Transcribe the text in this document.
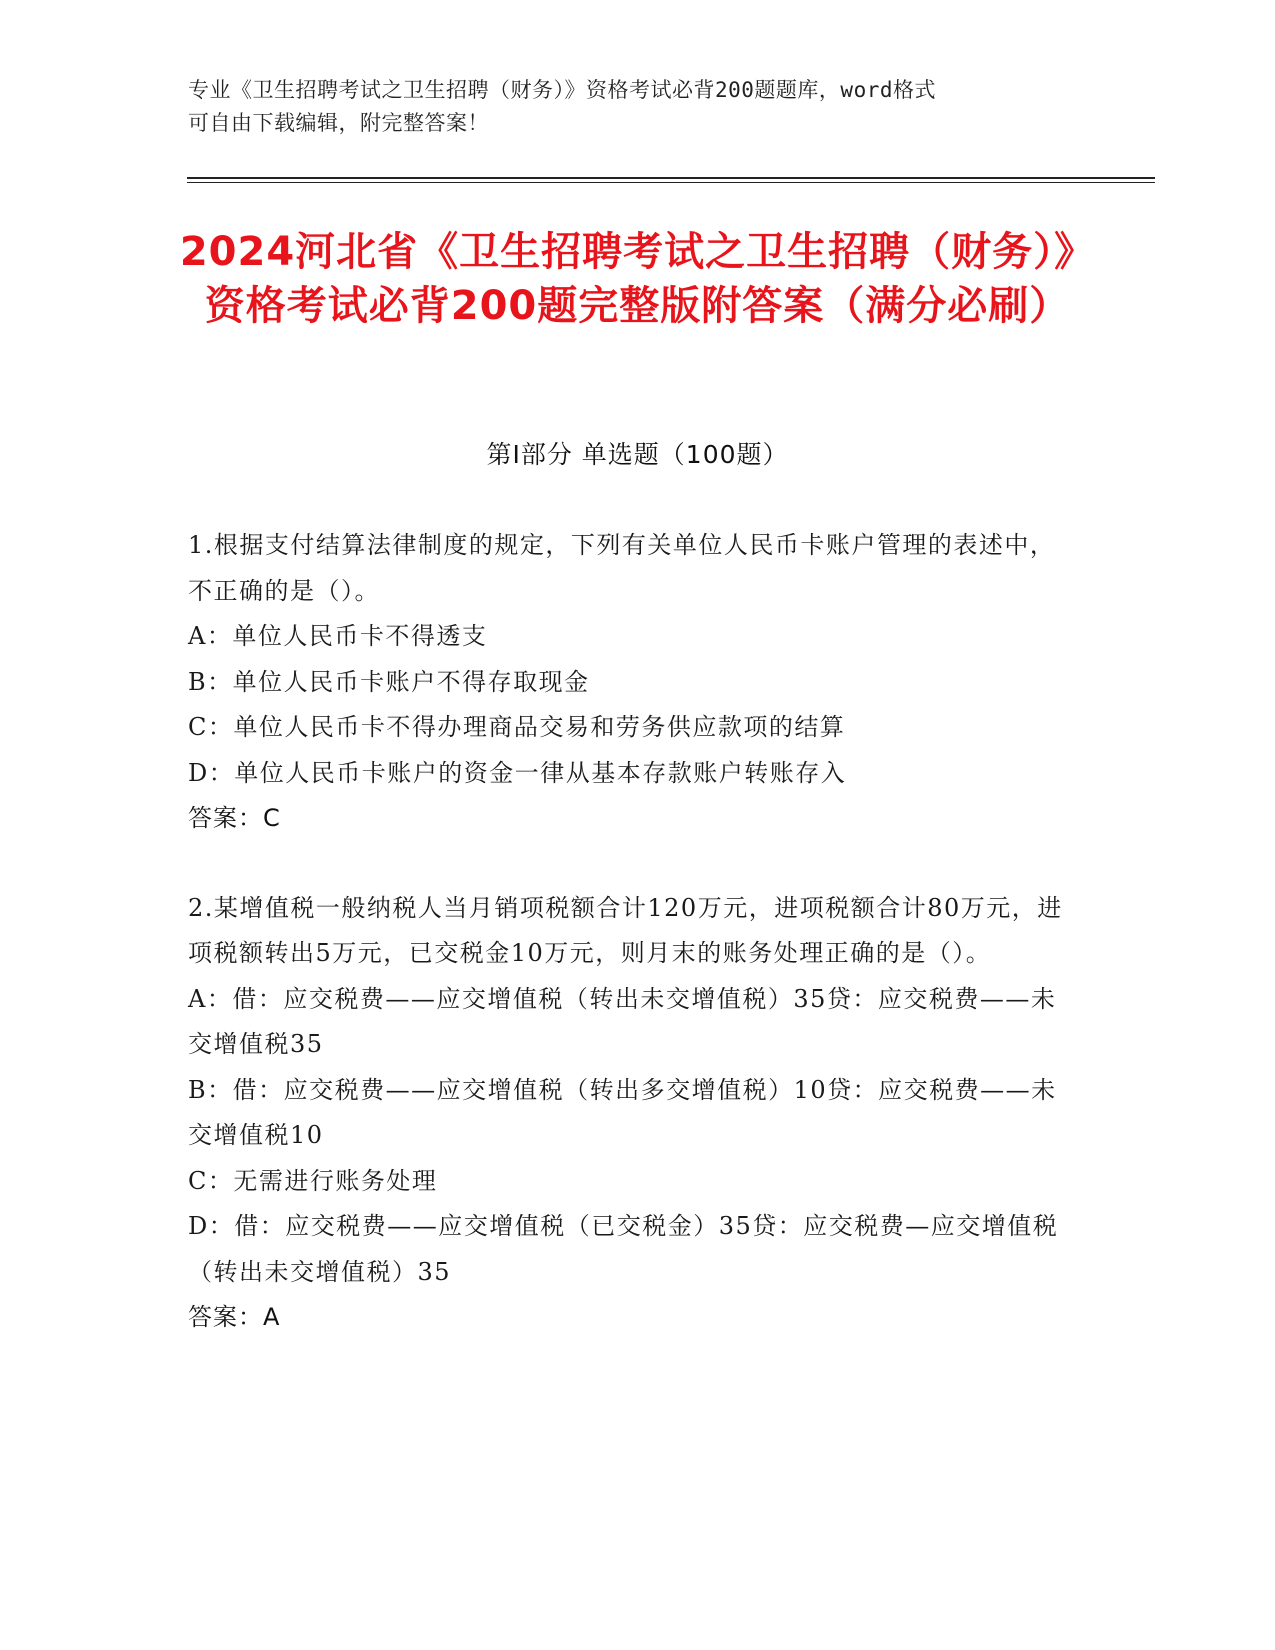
专业《卫生招聘考试之卫生招聘（财务）》资格考试必背200题题库，word格式
可自由下载编辑，附完整答案！
2024河北省《卫生招聘考试之卫生招聘（财务）》资格考试必背200题完整版附答案（满分必刷）
第Ⅰ部分 单选题（100题）

1.根据支付结算法律制度的规定，下列有关单位人民币卡账户管理的表述中，不正确的是（）。

A：单位人民币卡不得透支

B：单位人民币卡账户不得存取现金

C：单位人民币卡不得办理商品交易和劳务供应款项的结算

D：单位人民币卡账户的资金一律从基本存款账户转账存入

答案：C

2.某增值税一般纳税人当月销项税额合计120万元，进项税额合计80万元，进项税额转出5万元，已交税金10万元，则月末的账务处理正确的是（）。

A：借：应交税费——应交增值税（转出未交增值税）35贷：应交税费——未交增值税35

B：借：应交税费——应交增值税（转出多交增值税）10贷：应交税费——未交增值税10

C：无需进行账务处理

D：借：应交税费——应交增值税（已交税金）35贷：应交税费—应交增值税（转出未交增值税）35

答案：A
